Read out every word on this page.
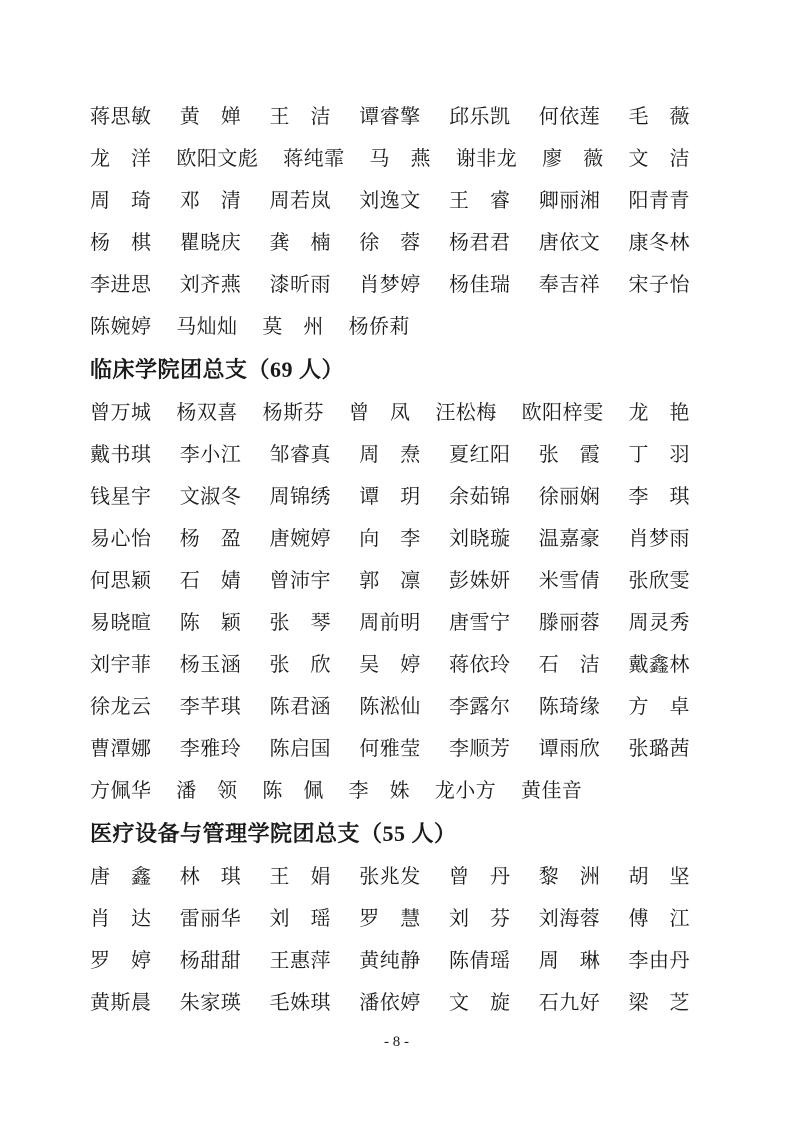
蒋思敏 黄　婵 王　洁 谭睿擎 邱乐凯 何依莲 毛　薇
龙　洋 欧阳文彪 蒋纯霏 马　燕 谢非龙 廖　薇 文　洁
周　琦 邓　清 周若岚 刘逸文 王　睿 卿丽湘 阳青青
杨　棋 瞿晓庆 龚　楠 徐　蓉 杨君君 唐依文 康冬林
李进思 刘齐燕 漆昕雨 肖梦婷 杨佳瑞 奉吉祥 宋子怡
陈婉婷	马灿灿	莫　州	杨侨莉
临床学院团总支（69 人）
曾万城 杨双喜 杨斯芬 曾　凤 汪松梅 欧阳梓雯 龙　艳
戴书琪 李小江 邹睿真 周　焘 夏红阳 张　霞 丁　羽
钱星宇 文淑冬 周锦绣 谭　玥 余茹锦 徐丽娴 李　琪
易心怡 杨　盈 唐婉婷 向　李 刘晓璇 温嘉豪 肖梦雨
何思颖 石　婧 曾沛宇 郭　凛 彭姝妍 米雪倩 张欣雯
易晓暄 陈　颖 张　琴 周前明 唐雪宁 滕丽蓉 周灵秀
刘宇菲 杨玉涵 张　欣 吴　婷 蒋依玲 石　洁 戴鑫林
徐龙云 李芊琪 陈君涵 陈淞仙 李露尔 陈琦缘 方　卓
曹潭娜 李雅玲 陈启国 何雅莹 李顺芳 谭雨欣 张璐茜
方佩华	潘　领	陈　佩	李　姝	龙小方	黄佳音
医疗设备与管理学院团总支（55 人）
唐　鑫 林　琪 王　娟 张兆发 曾　丹 黎　洲 胡　坚
肖　达 雷丽华 刘　瑶 罗　慧 刘　芬 刘海蓉 傅　江
罗　婷 杨甜甜 王惠萍 黄纯静 陈倩瑶 周　琳 李由丹
黄斯晨 朱家瑛 毛姝琪 潘依婷 文　旋 石九好 梁　芝
- 8 -
